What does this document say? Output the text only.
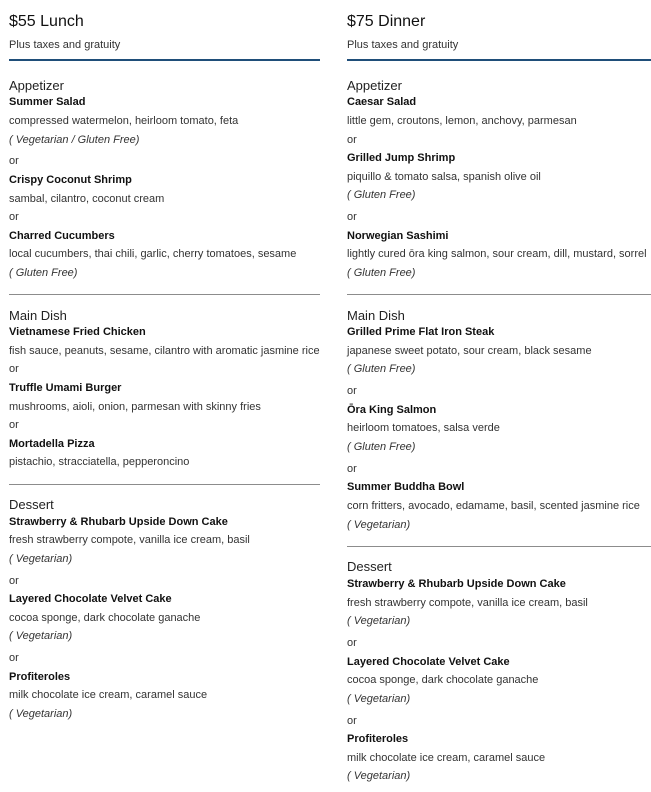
$55 Lunch
Plus taxes and gratuity
Appetizer
Summer Salad
compressed watermelon, heirloom tomato, feta
( Vegetarian / Gluten Free)
or
Crispy Coconut Shrimp
sambal, cilantro, coconut cream
or
Charred Cucumbers
local cucumbers, thai chili, garlic, cherry tomatoes, sesame
( Gluten Free)
Main Dish
Vietnamese Fried Chicken
fish sauce, peanuts, sesame, cilantro with aromatic jasmine rice
or
Truffle Umami Burger
mushrooms, aioli, onion, parmesan with skinny fries
or
Mortadella Pizza
pistachio, stracciatella, pepperoncino
Dessert
Strawberry & Rhubarb Upside Down Cake
fresh strawberry compote, vanilla ice cream, basil
( Vegetarian)
or
Layered Chocolate Velvet Cake
cocoa sponge, dark chocolate ganache
( Vegetarian)
or
Profiteroles
milk chocolate ice cream, caramel sauce
( Vegetarian)
$75 Dinner
Plus taxes and gratuity
Appetizer
Caesar Salad
little gem, croutons, lemon, anchovy, parmesan
or
Grilled Jump Shrimp
piquillo & tomato salsa, spanish olive oil
( Gluten Free)
or
Norwegian Sashimi
lightly cured ōra king salmon, sour cream, dill, mustard, sorrel
( Gluten Free)
Main Dish
Grilled Prime Flat Iron Steak
japanese sweet potato, sour cream, black sesame
( Gluten Free)
or
Ōra King Salmon
heirloom tomatoes, salsa verde
( Gluten Free)
or
Summer Buddha Bowl
corn fritters, avocado, edamame, basil, scented jasmine rice
( Vegetarian)
Dessert
Strawberry & Rhubarb Upside Down Cake
fresh strawberry compote, vanilla ice cream, basil
( Vegetarian)
or
Layered Chocolate Velvet Cake
cocoa sponge, dark chocolate ganache
( Vegetarian)
or
Profiteroles
milk chocolate ice cream, caramel sauce
( Vegetarian)
